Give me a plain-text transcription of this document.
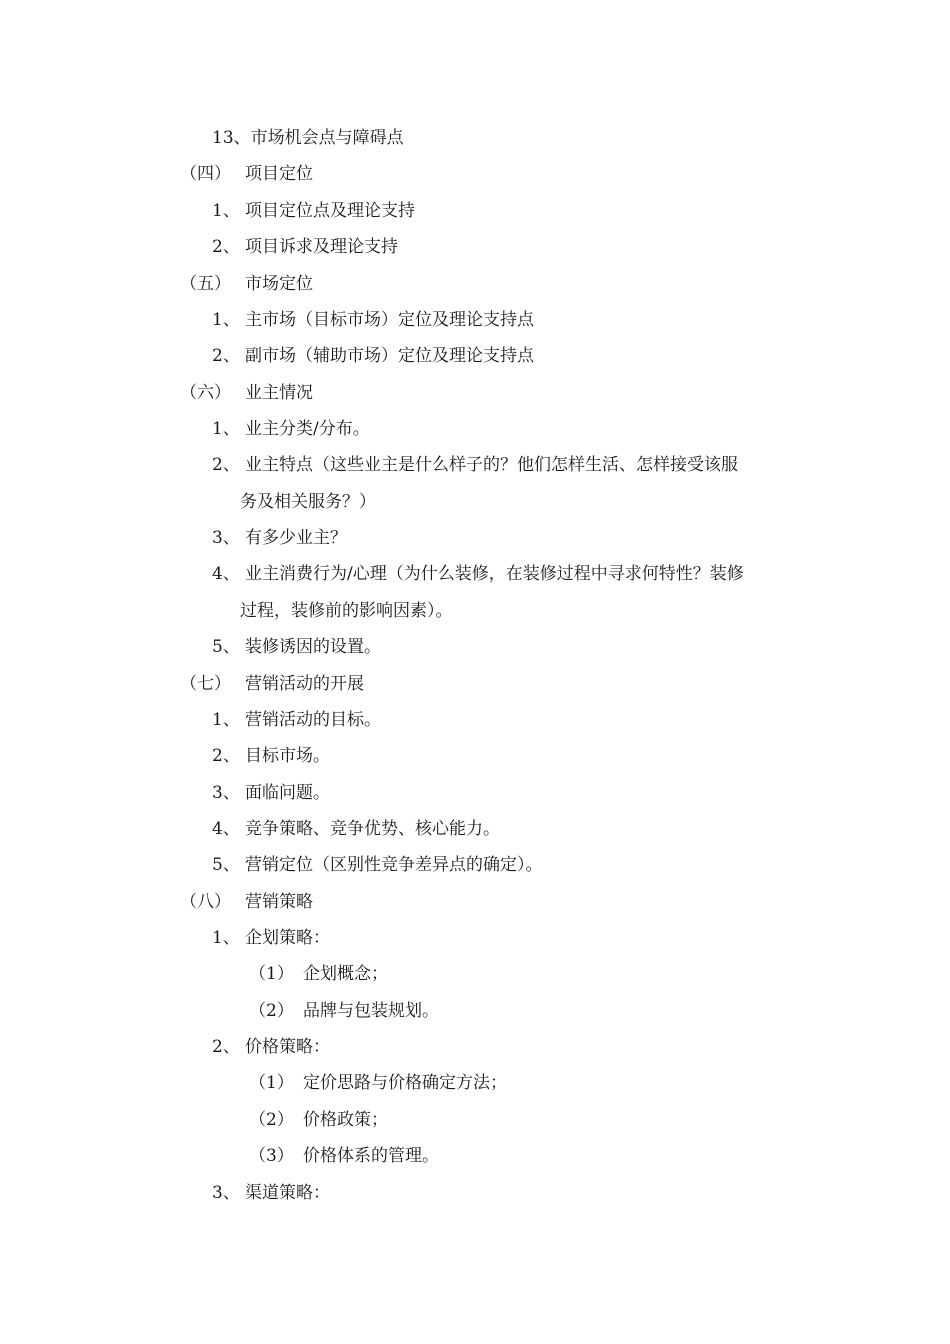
13、市场机会点与障碍点
（四） 项目定位
1、 项目定位点及理论支持
2、 项目诉求及理论支持
（五） 市场定位
1、 主市场（目标市场）定位及理论支持点
2、 副市场（辅助市场）定位及理论支持点
（六） 业主情况
1、 业主分类/分布。
2、 业主特点（这些业主是什么样子的？他们怎样生活、怎样接受该服
务及相关服务？）
3、 有多少业主？
4、 业主消费行为/心理（为什么装修，在装修过程中寻求何特性？装修
过程，装修前的影响因素）。
5、 装修诱因的设置。
（七） 营销活动的开展
1、 营销活动的目标。
2、 目标市场。
3、 面临问题。
4、 竞争策略、竞争优势、核心能力。
5、 营销定位（区别性竞争差异点的确定）。
（八） 营销策略
1、 企划策略：
（1） 企划概念；
（2） 品牌与包装规划。
2、 价格策略：
（1） 定价思路与价格确定方法；
（2） 价格政策；
（3） 价格体系的管理。
3、 渠道策略：
